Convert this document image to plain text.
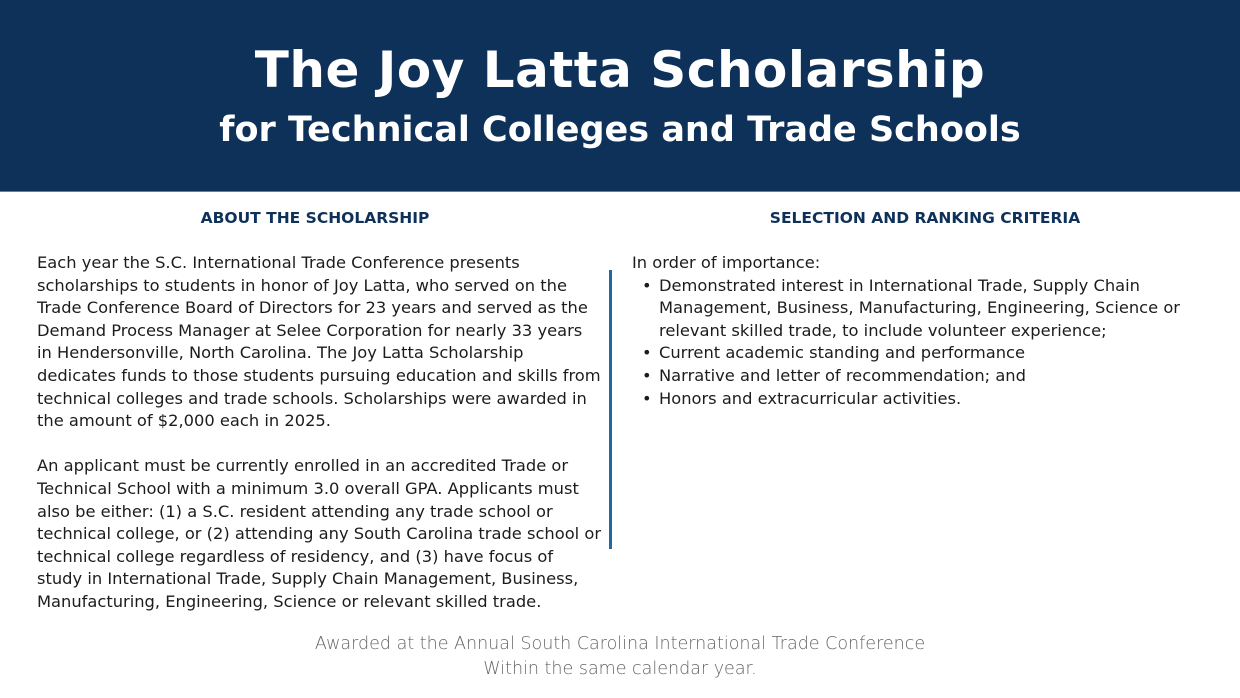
The Joy Latta Scholarship
for Technical Colleges and Trade Schools
ABOUT THE SCHOLARSHIP	SELECTION AND RANKING CRITERIA

Each year the S.C. International Trade Conference presents scholarships to students in honor of Joy Latta, who served on the Trade Conference Board of Directors for 23 years and served as the Demand Process Manager at Selee Corporation for nearly 33 years in Hendersonville, North Carolina. The Joy Latta Scholarship dedicates funds to those students pursuing education and skills from technical colleges and trade schools. Scholarships were awarded in the amount of $2,000 each in 2025.

An applicant must be currently enrolled in an accredited Trade or Technical School with a minimum 3.0 overall GPA. Applicants must also be either: (1) a S.C. resident attending any trade school or technical college, or (2) attending any South Carolina trade school or technical college regardless of residency, and (3) have focus of study in International Trade, Supply Chain Management, Business, Manufacturing, Engineering, Science or relevant skilled trade.

In order of importance:
• Demonstrated interest in International Trade, Supply Chain Management, Business, Manufacturing, Engineering, Science or relevant skilled trade, to include volunteer experience;
• Current academic standing and performance
• Narrative and letter of recommendation; and
• Honors and extracurricular activities.
Awarded at the Annual South Carolina International Trade Conference
Within the same calendar year.
